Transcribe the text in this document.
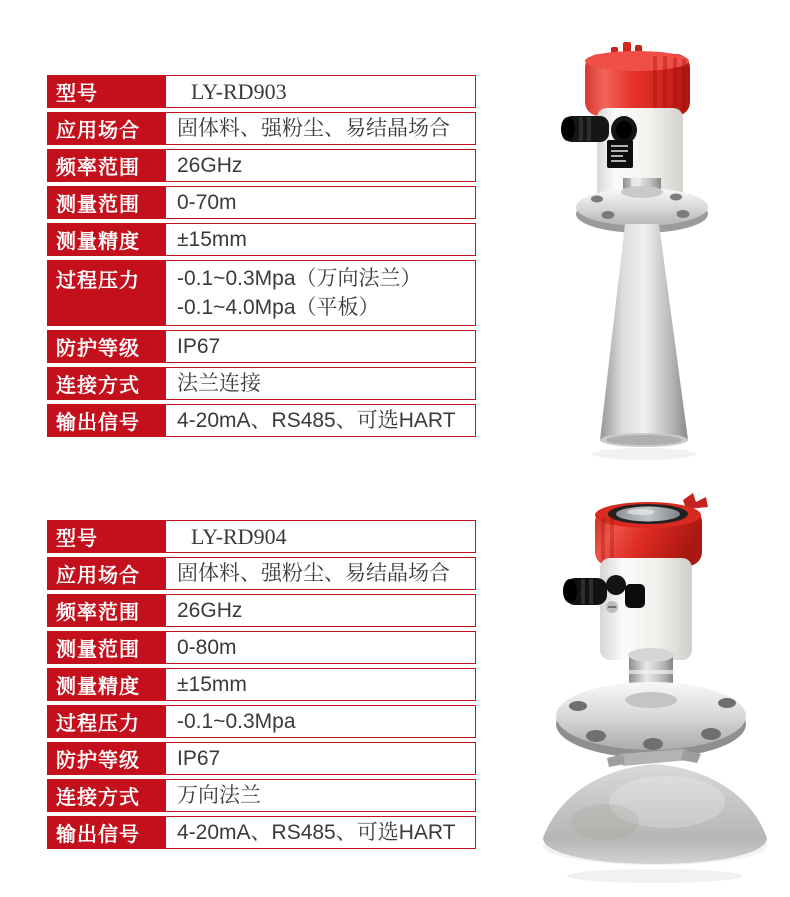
型号	LY-RD903
应用场合	固体料、强粉尘、易结晶场合
频率范围	26GHz
测量范围	0-70m
测量精度	±15mm
过程压力	-0.1~0.3Mpa（万向法兰）
-0.1~4.0Mpa（平板）
防护等级	IP67
连接方式	法兰连接
输出信号	4-20mA、RS485、可选HART
型号	LY-RD904
应用场合	固体料、强粉尘、易结晶场合
频率范围	26GHz
测量范围	0-80m
测量精度	±15mm
过程压力	-0.1~0.3Mpa
防护等级	IP67
连接方式	万向法兰
输出信号	4-20mA、RS485、可选HART
